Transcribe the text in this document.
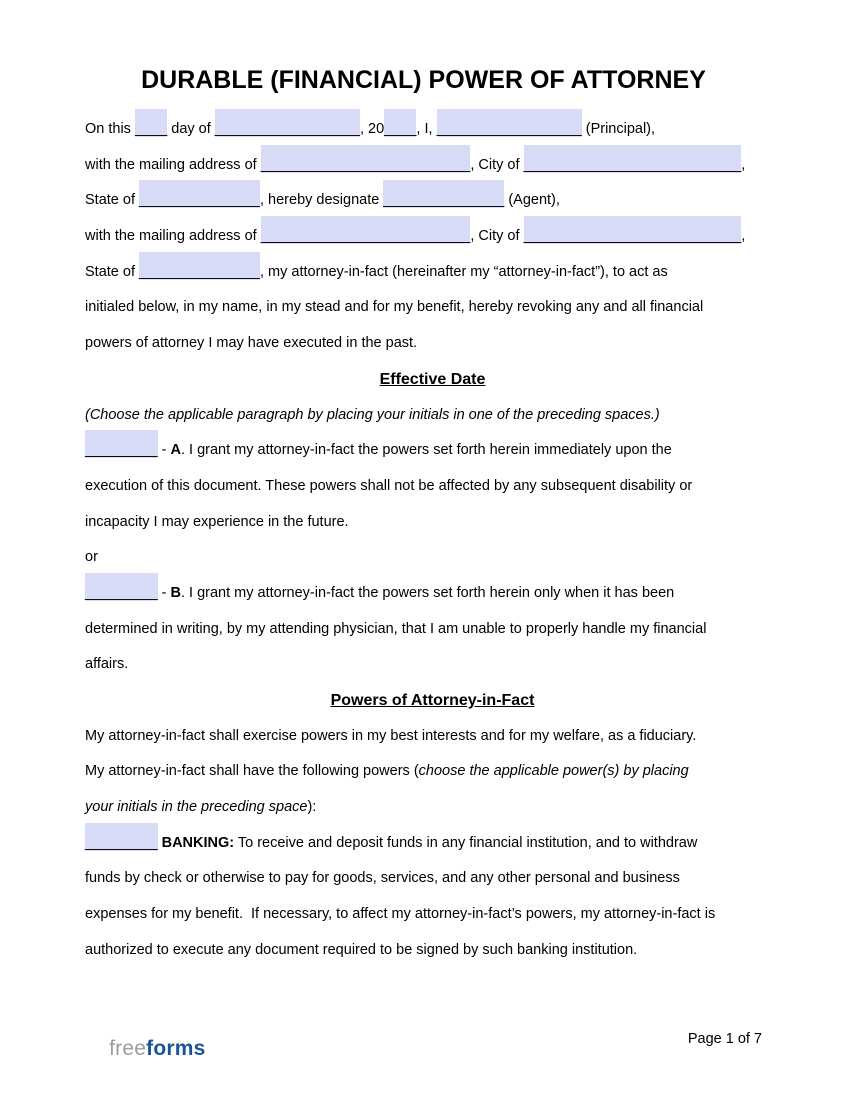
DURABLE (FINANCIAL) POWER OF ATTORNEY
On this ____ day of __________________, 20____, I, __________________ (Principal),
with the mailing address of __________________________, City of ___________________________,
State of _______________, hereby designate _______________ (Agent),
with the mailing address of __________________________, City of ___________________________,
State of _______________, my attorney-in-fact (hereinafter my “attorney-in-fact”), to act as
initialed below, in my name, in my stead and for my benefit, hereby revoking any and all financial
powers of attorney I may have executed in the past.
Effective Date
(Choose the applicable paragraph by placing your initials in one of the preceding spaces.)
_________ - A. I grant my attorney-in-fact the powers set forth herein immediately upon the
execution of this document. These powers shall not be affected by any subsequent disability or
incapacity I may experience in the future.
or
_________ - B. I grant my attorney-in-fact the powers set forth herein only when it has been
determined in writing, by my attending physician, that I am unable to properly handle my financial
affairs.
Powers of Attorney-in-Fact
My attorney-in-fact shall exercise powers in my best interests and for my welfare, as a fiduciary.
My attorney-in-fact shall have the following powers (choose the applicable power(s) by placing
your initials in the preceding space):
_________ BANKING: To receive and deposit funds in any financial institution, and to withdraw
funds by check or otherwise to pay for goods, services, and any other personal and business
expenses for my benefit.  If necessary, to affect my attorney-in-fact’s powers, my attorney-in-fact is
authorized to execute any document required to be signed by such banking institution.

freeforms
	Page 1 of 7
